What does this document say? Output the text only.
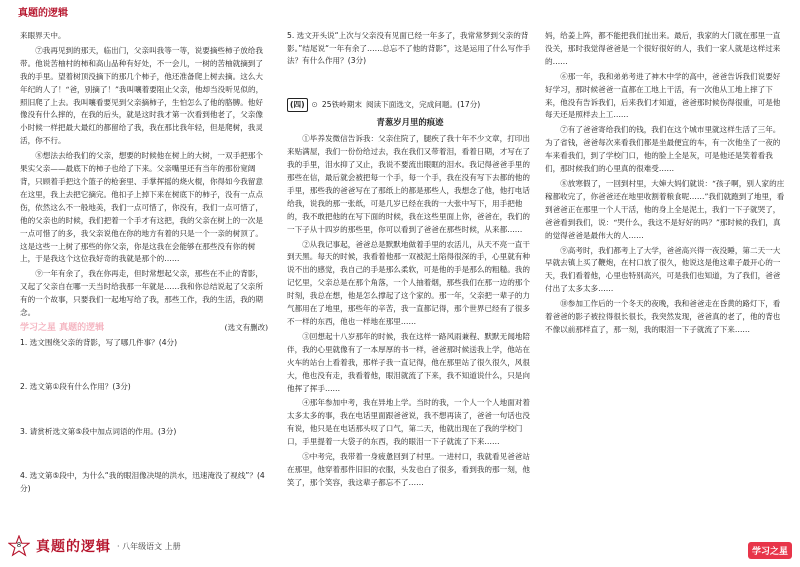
真题的逻辑

来眼界天中。

⑦我再见到的那天，临出门，父亲叫我等一等，说要摘些柿子放给我带。他说苦柚村的柿和高山品种有好处，不一会儿，一树的苦柚就摘到了我的手里。望着树顶没摘下的那几个柿子，他还准备爬上树去摘。这么大年纪的人了！“爸，别摘了！”我叫嚷着要阻止父亲，他却当没听见似的，照旧爬了上去。我叫嚷看要见到父亲摘柿子，生怕怎么了他的胳膊。他好像没有什么摔的，在我的后头，就是这时我才第一次看到他老了，父亲像小时候一样把最大最红的都留给了我，我在那比我年轻，但是爬树，我灵活，你不行。

⑧想法去给我们的父亲，想要的时候他在树上的大树，一双手把那个果实父亲——最底下的柿子也给了下来。父亲嘴里还有当年的那份宽阔背，只顾着手把这个篮子的枪套里、手掌挥摇的烧火棍，你得如今我留意在这里，我上去把它摘完。他扣子上掉下来在树底下的柿子，没有一点点伤，依然这么不一般地美，我们一点可惜了，你没有，我们一点可惜了，他的父亲也的时候，我们把着一个手才有这把，我的父亲在树上的一次是一点可惜了的多，我父亲说他在你的地方有着的只是一个一亲的树顶了。这是这些一上树了那些的你父亲，你是这我在会能够在那些没有你的树上，于是我这个这位我好奇的我就是那个的……

⑨一年有余了，我在你再走，但时常想起父亲，那些在不止的背影，又起了父亲自在哪一天当时给我那一年就是……我和你总结说起了父亲所有的一个故事，只要我们一起地写给了我，那些工作，我的生活，我的期念。

学习之星 真题的逻辑	(选文有删改)

1. 选文围绕父亲的背影，写了哪几件事？(4分)

2. 选文第①段有什么作用？(3分)

3. 请赏析选文第⑤段中加点词语的作用。(3分)

4. 选文第⑤段中，为什么“我的眼泪像决堤的洪水，迅速淹没了视线”？(4分)

5. 选文开头说“上次与父亲没有见面已经一年多了，我常常梦到父亲的背影。”结尾说“一年有余了……总忘不了他的背影”，这是运用了什么写作手法？有什么作用？(3分)

(四) ⊙ 25铁岭期末 阅读下面选文，完成问题。(17分)
青葱岁月里的痕迹

①毕养发微信告诉我：父亲住院了，腿疾了我十年不少文章，打印出来贴满屋，我们一份份给过去，我在我们又带着泪，看着日期，才写在了我的手里，泪水抑了又止，我说不要流出眼眶的泪水。我记得爸爸手里的那些在信，最后就会被把每一个手，每一个手，我在没有写下去都的他的手里，那些我的爸爸写在了那纸上的都是那些人，我想念了他，他打电话给我，说我的那一张纸，可是几岁已经在我的一大张中写下，用手把他的，我不敢把他的在写下面的时候，我在这些里面上你，爸爸在，我们的一下子从十四岁的那些里，你可以看到了爸爸在那些时候，从来都……

②从我记事起，爸爸总是默默地做着手里的农活儿，从天不亮一直干到天黑。每天的时候，我看着他那一双被泥土陷得很深的手，心里就有种说不出的感觉，我自己的手是那么柔软，可是他的手是那么的粗糙。我的记忆里，父亲总是在那个角落，一个人抽着烟，那些我们在那一边的那个时刻，我总在想，他是怎么撑起了这个家的。那一年，父亲把一辈子的力气都用在了地里，那些年的辛苦，我一直都记得，那个世界已经有了很多不一样的东西，他也一样地在那里……

③回想起十八岁那年的时候，我在这样一路风雨兼程、默默无闻地陪伴，我的心里就像有了一本厚厚的书一样，爸爸那时候送我上学，他站在火车的站台上看着我，那样子我一直记得，他在那里站了很久很久，风很大，他也没有走，我看着他，眼泪就流了下来，我不知道说什么，只是向他挥了挥手……

④那年参加中考，我在异地上学。当时的我，一个人一个人地面对着太多太多的事，我在电话里面跟爸爸说，我不想再读了，爸爸一句话也没有说，他只是在电话那头叹了口气，第二天，他就出现在了我的学校门口，手里提着一大袋子的东西，我的眼泪一下子就流了下来……

⑤中考完，我带着一身疲惫回到了村里。一进村口，我就看见爸爸站在那里，他穿着那件旧旧的衣服，头发也白了很多，看到我的那一刻，他笑了，那个笑容，我这辈子都忘不了……

妈，给姜上阵，都不能把我们扯出来。最后，我家的大门就在那里一直没关，那时我觉得爸爸是一个很好很好的人，我们一家人就是这样过来的……

⑥那一年，我和弟弟考进了神木中学的高中，爸爸告诉我们说要好好学习，那时候爸爸一直都在工地上干活，有一次他从工地上摔了下来，他没有告诉我们，后来我们才知道，爸爸那时候伤得很重，可是他每天还是照样去上工……

⑦有了爸爸寄给我们的钱，我们在这个城市里就这样生活了三年。为了省钱，爸爸每次来看我们都是坐最便宜的车，有一次他坐了一夜的车来看我们，到了学校门口，他的脸上全是灰，可是他还是笑着看我们，那时候我们的心里真的很难受……

⑧放寒假了，一回到村里，大婶大妈们就说：“孩子啊，别人家的庄稼都收完了，你爸爸还在地里收割着粮食呢……”我们就跑到了地里，看到爸爸正在那里一个人干活，他的身上全是泥土，我们一下子就哭了，爸爸看到我们，说：“哭什么，我这不是好好的吗？”那时候的我们，真的觉得爸爸是最伟大的人……

⑨高考时，我们都考上了大学，爸爸高兴得一夜没睡，第二天一大早就去镇上买了鞭炮，在村口放了很久，他说这是他这辈子最开心的一天，我们看着他，心里也特别高兴，可是我们也知道，为了我们，爸爸付出了太多太多……

⑩参加工作后的一个冬天的夜晚，我和爸爸走在昏黄的路灯下，看着爸爸的影子被拉得很长很长，我突然发现，爸爸真的老了，他的背也不像以前那样直了，那一刻，我的眼泪一下子就流了下来……

8	真题的逻辑 · 八年级语文 上册
学习之星
